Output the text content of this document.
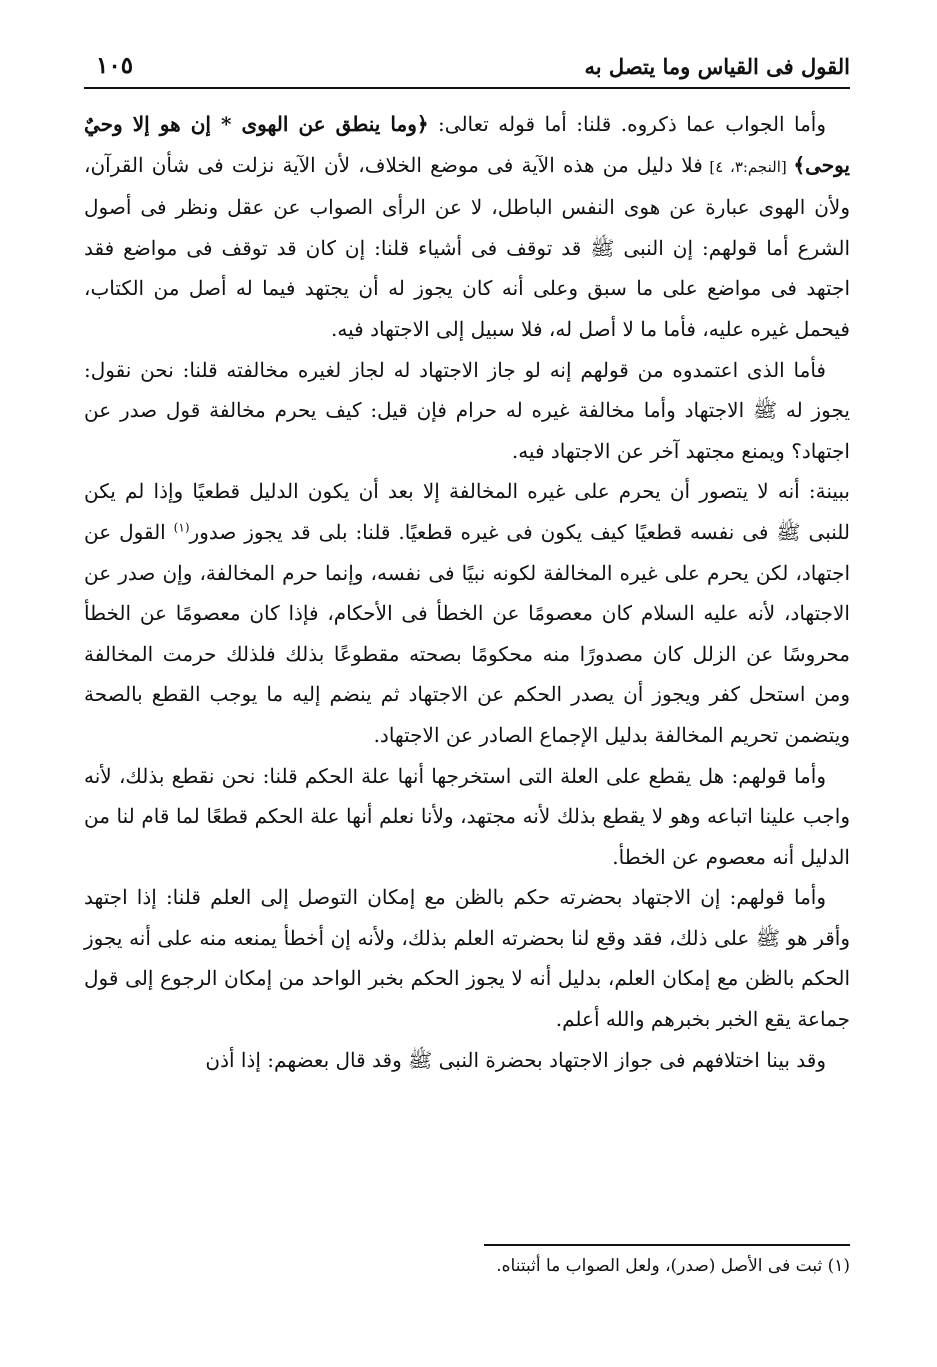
القول فى القياس وما يتصل به
١٠٥

وأما الجواب عما ذكروه. قلنا: أما قوله تعالى: ﴿وما ينطق عن الهوى * إن هو إلا وحيٌ يوحى﴾ [النجم:٣، ٤] فلا دليل من هذه الآية فى موضع الخلاف، لأن الآية نزلت فى شأن القرآن، ولأن الهوى عبارة عن هوى النفس الباطل، لا عن الرأى الصواب عن عقل ونظر فى أصول الشرع أما قولهم: إن النبى ﷺ قد توقف فى أشياء قلنا: إن كان قد توقف فى مواضع فقد اجتهد فى مواضع على ما سبق وعلى أنه كان يجوز له أن يجتهد فيما له أصل من الكتاب، فيحمل غيره عليه، فأما ما لا أصل له، فلا سبيل إلى الاجتهاد فيه.

فأما الذى اعتمدوه من قولهم إنه لو جاز الاجتهاد له لجاز لغيره مخالفته قلنا: نحن نقول: يجوز له ﷺ الاجتهاد وأما مخالفة غيره له حرام فإن قيل: كيف يحرم مخالفة قول صدر عن اجتهاد؟ ويمنع مجتهد آخر عن الاجتهاد فيه.

ببينة: أنه لا يتصور أن يحرم على غيره المخالفة إلا بعد أن يكون الدليل قطعيًا وإذا لم يكن للنبى ﷺ فى نفسه قطعيًا كيف يكون فى غيره قطعيًا. قلنا: بلى قد يجوز صدور$^{(١)}$ القول عن اجتهاد، لكن يحرم على غيره المخالفة لكونه نبيًا فى نفسه، وإنما حرم المخالفة، وإن صدر عن الاجتهاد، لأنه عليه السلام كان معصومًا عن الخطأ فى الأحكام، فإذا كان معصومًا عن الخطأ محروسًا عن الزلل كان مصدورًا منه محكومًا بصحته مقطوعًا بذلك فلذلك حرمت المخالفة ومن استحل كفر ويجوز أن يصدر الحكم عن الاجتهاد ثم ينضم إليه ما يوجب القطع بالصحة ويتضمن تحريم المخالفة بدليل الإجماع الصادر عن الاجتهاد.

وأما قولهم: هل يقطع على العلة التى استخرجها أنها علة الحكم قلنا: نحن نقطع بذلك، لأنه واجب علينا اتباعه وهو لا يقطع بذلك لأنه مجتهد، ولأنا نعلم أنها علة الحكم قطعًا لما قام لنا من الدليل أنه معصوم عن الخطأ.

وأما قولهم: إن الاجتهاد بحضرته حكم بالظن مع إمكان التوصل إلى العلم قلنا: إذا اجتهد وأقر هو ﷺ على ذلك، فقد وقع لنا بحضرته العلم بذلك، ولأنه إن أخطأ يمنعه منه على أنه يجوز الحكم بالظن مع إمكان العلم، بدليل أنه لا يجوز الحكم بخبر الواحد من إمكان الرجوع إلى قول جماعة يقع الخبر بخبرهم والله أعلم.

وقد بينا اختلافهم فى جواز الاجتهاد بحضرة النبى ﷺ وقد قال بعضهم: إذا أذن

(١) ثبت فى الأصل (صدر)، ولعل الصواب ما أثبتناه.
